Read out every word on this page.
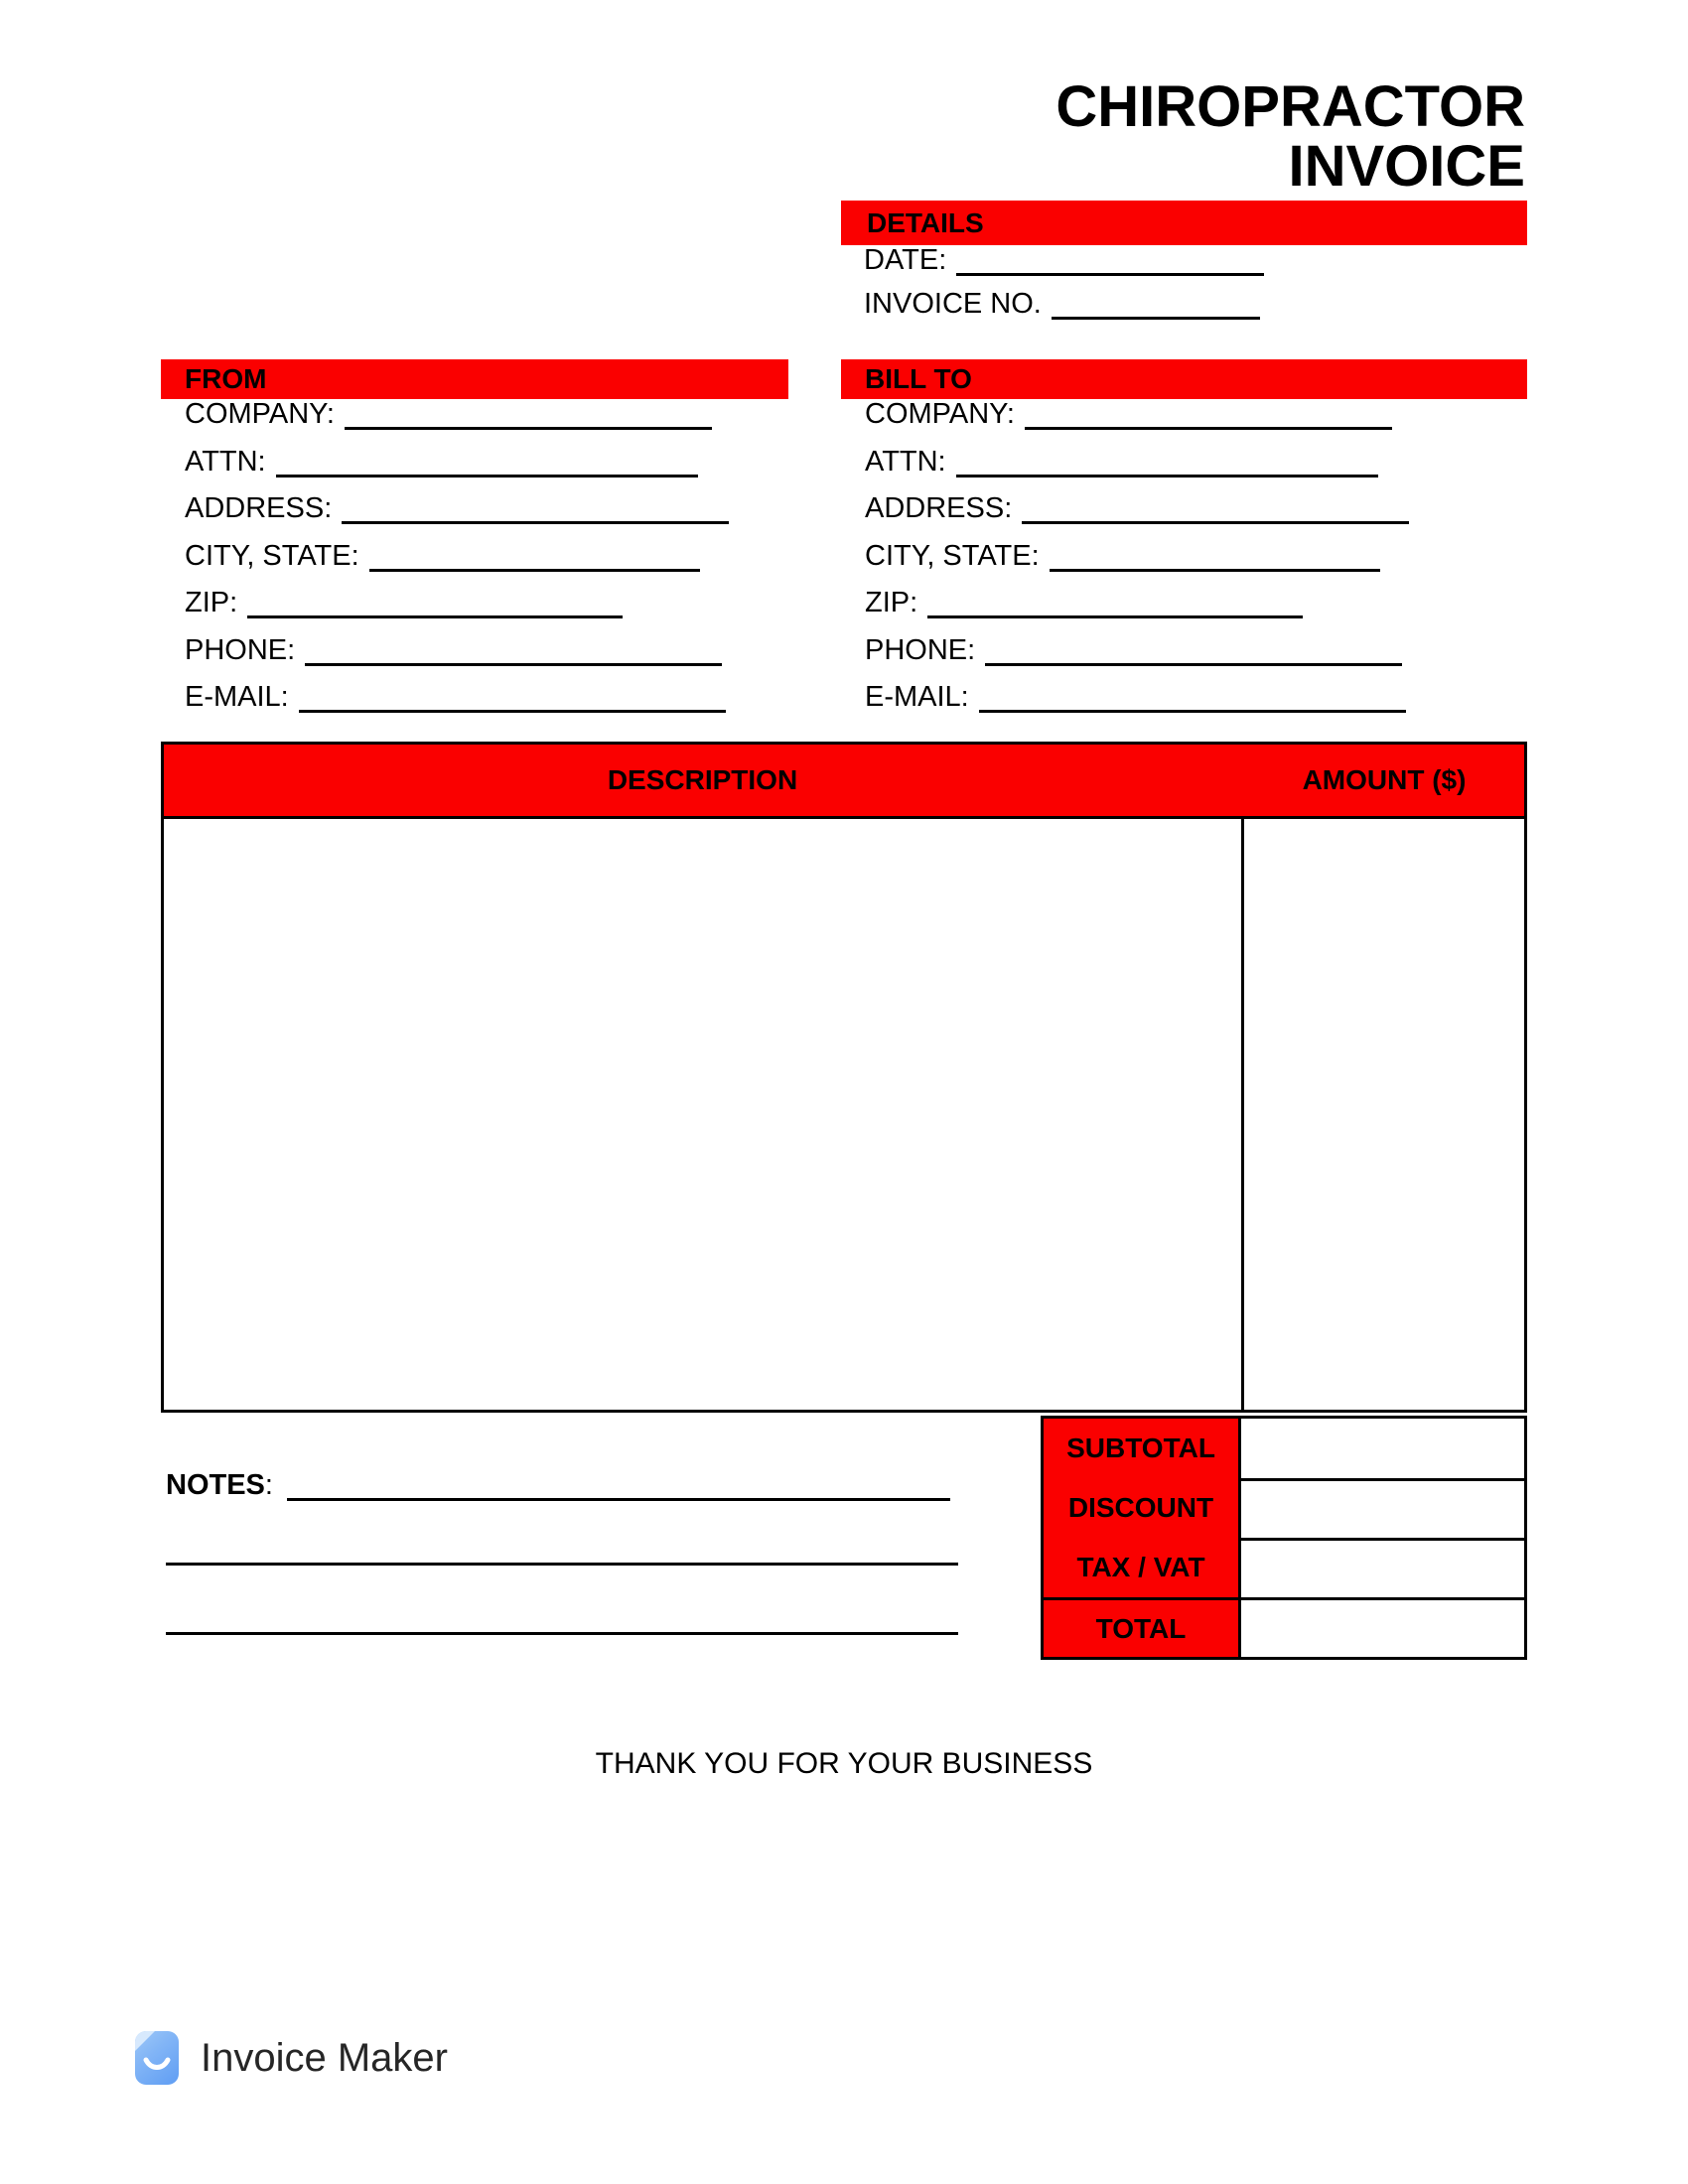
CHIROPRACTOR
INVOICE
DETAILS
DATE:
INVOICE NO.
FROM
COMPANY:
ATTN:
ADDRESS:
CITY, STATE:
ZIP:
PHONE:
E-MAIL:
BILL TO
COMPANY:
ATTN:
ADDRESS:
CITY, STATE:
ZIP:
PHONE:
E-MAIL:
DESCRIPTION	AMOUNT ($)
SUBTOTAL
DISCOUNT
TAX / VAT
TOTAL
NOTES :
THANK YOU FOR YOUR BUSINESS
Invoice Maker
